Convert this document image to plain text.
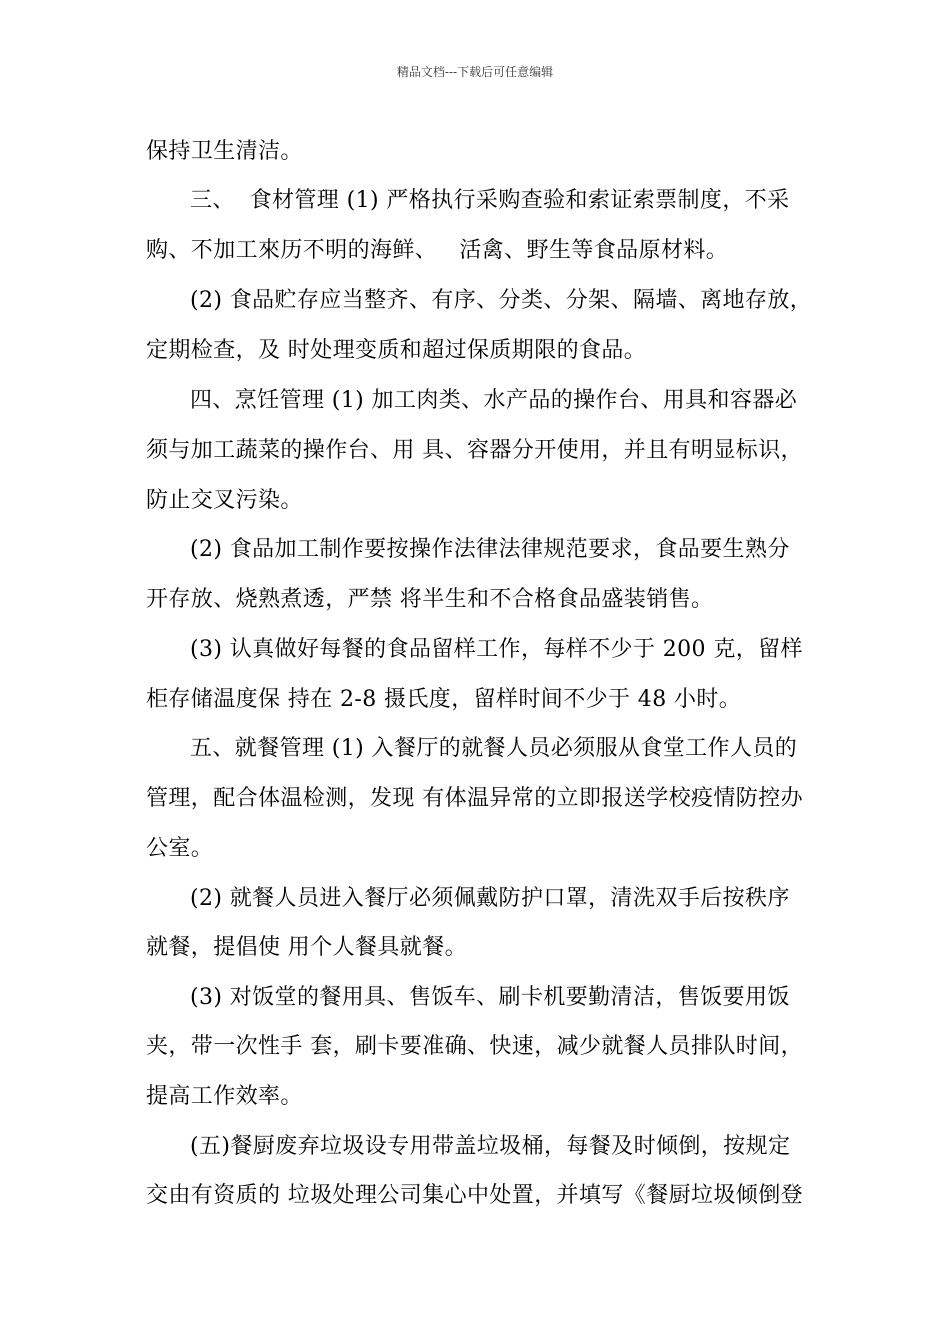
精品文档---下载后可任意编辑
保持卫生清洁。
三、  食材管理 (1) 严格执行采购查验和索证索票制度，不采
购、不加工來历不明的海鲜、   活禽、野生等食品原材料。
(2) 食品贮存应当整齐、有序、分类、分架、隔墙、离地存放，
定期检查，及 时处理变质和超过保质期限的食品。
四、烹饪管理 (1) 加工肉类、水产品的操作台、用具和容器必
须与加工蔬菜的操作台、用 具、容器分开使用，并且有明显标识，
防止交叉污染。
(2) 食品加工制作要按操作法律法律规范要求，食品要生熟分
开存放、烧熟煮透，严禁 将半生和不合格食品盛装销售。
(3) 认真做好每餐的食品留样工作，每样不少于 200 克，留样
柜存储温度保 持在 2-8 摄氏度，留样时间不少于 48 小时。
五、就餐管理 (1) 入餐厅的就餐人员必须服从食堂工作人员的
管理，配合体温检测，发现 有体温异常的立即报送学校疫情防控办
公室。
(2) 就餐人员进入餐厅必须佩戴防护口罩，清洗双手后按秩序
就餐，提倡使 用个人餐具就餐。
(3) 对饭堂的餐用具、售饭车、刷卡机要勤清洁，售饭要用饭
夹，带一次性手 套，刷卡要准确、快速，减少就餐人员排队时间，
提高工作效率。
(五)餐厨废弃垃圾设专用带盖垃圾桶，每餐及时倾倒，按规定
交由有资质的 垃圾处理公司集心中处置，并填写《餐厨垃圾倾倒登
